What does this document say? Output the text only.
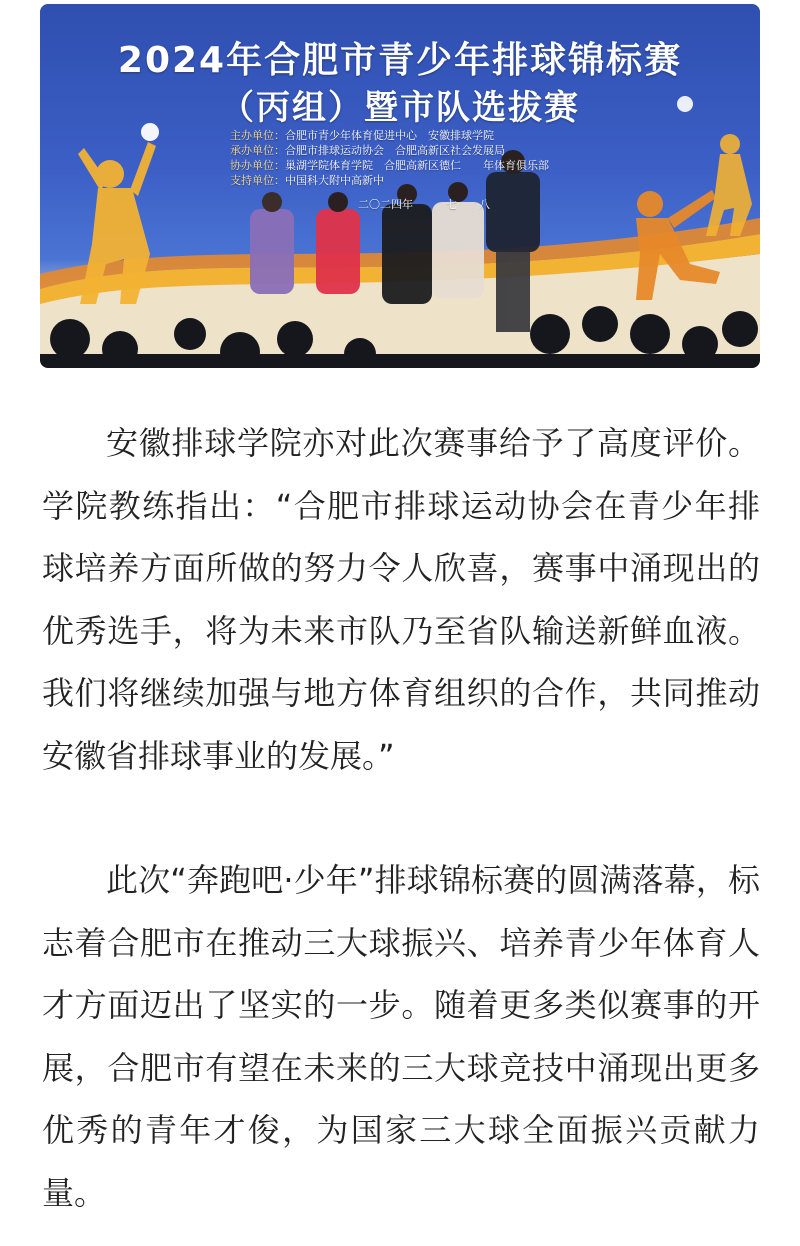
2024年合肥市青少年排球锦标赛
（丙组）暨市队选拔赛
主办单位：合肥市青少年体育促进中心　安徽排球学院
承办单位：合肥市排球运动协会　合肥高新区社会发展局
协办单位：巢湖学院体育学院　合肥高新区德仁　　年体育俱乐部
支持单位：中国科大附中高新中　
二〇二四年　　　七　　八

安徽排球学院亦对此次赛事给予了高度评价。学院教练指出：“合肥市排球运动协会在青少年排球培养方面所做的努力令人欣喜，赛事中涌现出的优秀选手，将为未来市队乃至省队输送新鲜血液。我们将继续加强与地方体育组织的合作，共同推动安徽省排球事业的发展。”

此次“奔跑吧·少年”排球锦标赛的圆满落幕，标志着合肥市在推动三大球振兴、培养青少年体育人才方面迈出了坚实的一步。随着更多类似赛事的开展，合肥市有望在未来的三大球竞技中涌现出更多优秀的青年才俊，为国家三大球全面振兴贡献力量。
